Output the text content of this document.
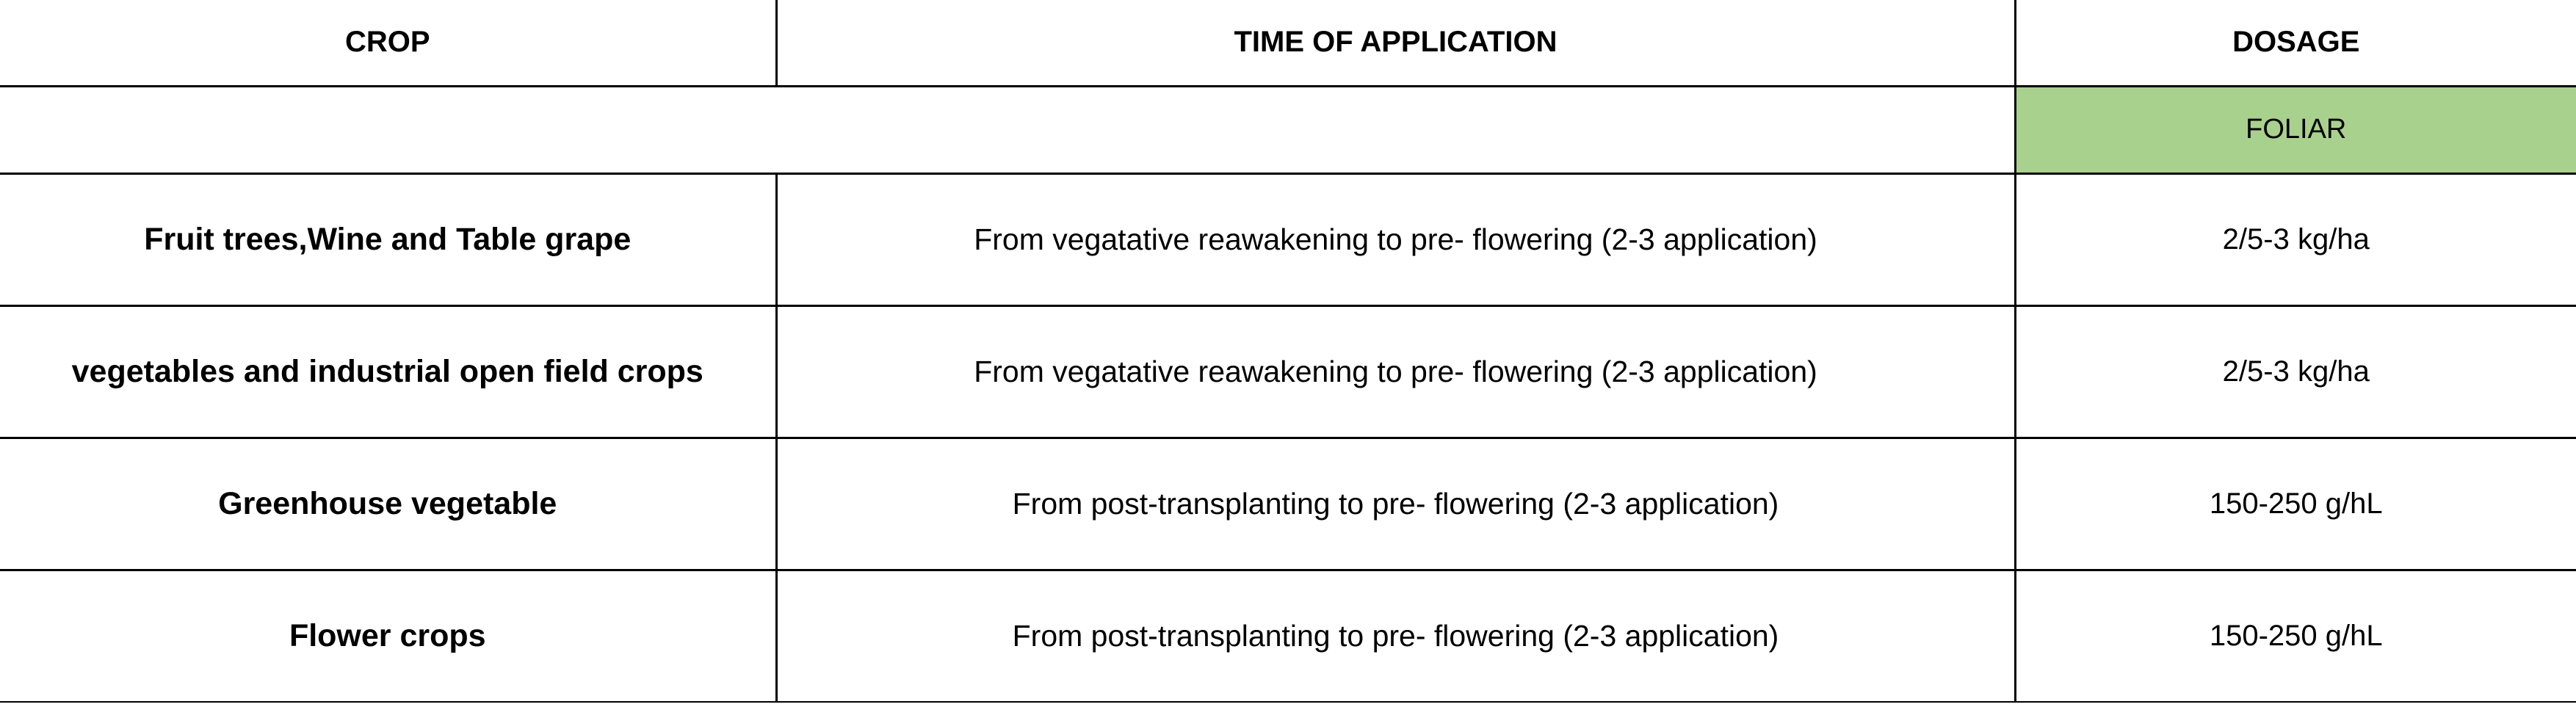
CROP	TIME OF APPLICATION	DOSAGE
		FOLIAR
Fruit trees,Wine and Table grape	From vegatative reawakening to pre- flowering (2-3 application)	2/5-3 kg/ha
vegetables and industrial open field crops	From vegatative reawakening to pre- flowering (2-3 application)	2/5-3 kg/ha
Greenhouse vegetable	From post-transplanting to pre- flowering (2-3 application)	150-250 g/hL
Flower crops	From post-transplanting to pre- flowering (2-3 application)	150-250 g/hL
